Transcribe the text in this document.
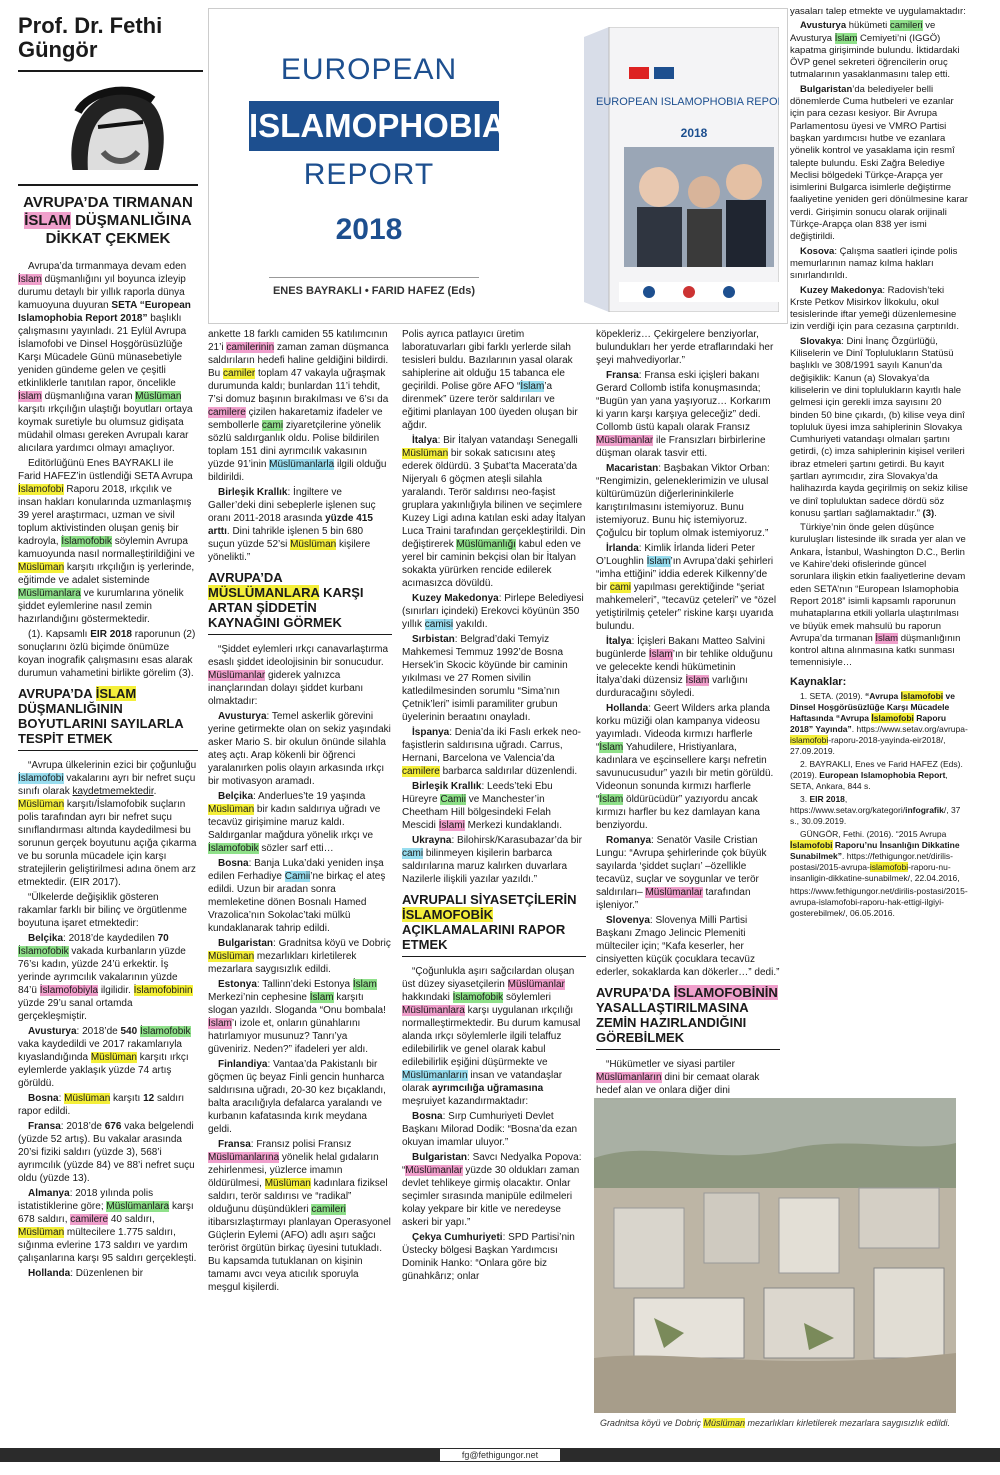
Prof. Dr. Fethi Güngör
EUROPEAN
ISLAMOPHOBIA
REPORT
2018
ENES BAYRAKLI • FARID HAFEZ (Eds)
EUROPEAN ISLAMOPHOBIA REPORT
2018
AVRUPA’DA TIRMANAN İSLAM DÜŞMANLIĞINA DİKKAT ÇEKMEK

Avrupa’da tırmanmaya devam eden İslam düşmanlığını yıl boyunca izleyip durumu detaylı bir yıllık raporla dünya kamuoyuna duyuran SETA “European Islamophobia Report 2018” başlıklı çalışmasını yayınladı. 21 Eylül Avrupa İslamofobi ve Dinsel Hoşgörüsüzlüğe Karşı Mücadele Günü münasebetiyle yeniden gündeme gelen ve çeşitli etkinliklerle tanıtılan rapor, öncelikle İslam düşmanlığına varan Müslüman karşıtı ırkçılığın ulaştığı boyutları ortaya koymak suretiyle bu olumsuz gidişata müdahil olması gereken Avrupalı karar alıcılara yardımcı olmayı amaçlıyor.

Editörlüğünü Enes BAYRAKLI ile Farid HAFEZ’in üstlendiği SETA Avrupa İslamofobi Raporu 2018, ırkçılık ve insan hakları konularında uzmanlaşmış 39 yerel araştırmacı, uzman ve sivil toplum aktivistinden oluşan geniş bir kadroyla, İslamofobik söylemin Avrupa kamuoyunda nasıl normalleştirildiğini ve Müslüman karşıtı ırkçılığın iş yerlerinde, eğitimde ve adalet sisteminde Müslümanlara ve kurumlarına yönelik şiddet eylemlerine nasıl zemin hazırlandığını göstermektedir.

(1). Kapsamlı EIR 2018 raporunun (2) sonuçlarını özlü biçimde önümüze koyan inografik çalışmasını esas alarak durumun vahametini birlikte görelim (3).

AVRUPA’DA İSLAM DÜŞMANLIĞININ BOYUTLARINI SAYILARLA TESPİT ETMEK

“Avrupa ülkelerinin ezici bir çoğunluğu İslamofobi vakalarını ayrı bir nefret suçu sınıfı olarak kaydetmemektedir. Müslüman karşıtı/İslamofobik suçların polis tarafından ayrı bir nefret suçu sınıflandırması altında kaydedilmesi bu sorunun gerçek boyutunu açığa çıkarma ve bu sorunla mücadele için karşı stratejilerin geliştirilmesi adına önem arz etmektedir. (EIR 2017).

“Ülkelerde değişiklik gösteren rakamlar farklı bir bilinç ve örgütlenme boyutuna işaret etmektedir:

Belçika: 2018’de kaydedilen 70 İslamofobik vakada kurbanların yüzde 76’sı kadın, yüzde 24’ü erkektir. İş yerinde ayrımcılık vakalarının yüzde 84’ü İslamofobiyla ilgilidir. İslamofobinin yüzde 29’u sanal ortamda gerçekleşmiştir.

Avusturya: 2018’de 540 İslamofobik vaka kaydedildi ve 2017 rakamlarıyla kıyaslandığında Müslüman karşıtı ırkçı eylemlerde yaklaşık yüzde 74 artış görüldü.

Bosna: Müslüman karşıtı 12 saldırı rapor edildi.

Fransa: 2018’de 676 vaka belgelendi (yüzde 52 artış). Bu vakalar arasında 20’si fiziki saldırı (yüzde 3), 568’i ayrımcılık (yüzde 84) ve 88’i nefret suçu oldu (yüzde 13).

Almanya: 2018 yılında polis istatistiklerine göre; Müslümanlara karşı 678 saldırı, camilere 40 saldırı, Müslüman mültecilere 1.775 saldırı, sığınma evlerine 173 saldırı ve yardım çalışanlarına karşı 95 saldırı gerçekleşti.

Hollanda: Düzenlenen bir

ankette 18 farklı camiden 55 katılımcının 21’i camilerinin zaman zaman düşmanca saldırıların hedefi haline geldiğini bildirdi. Bu camiler toplam 47 vakayla uğraşmak durumunda kaldı; bunlardan 11’i tehdit, 7’si domuz başının bırakılması ve 6’sı da camilere çizilen hakaretamiz ifadeler ve sembollerle cami ziyaretçilerine yönelik sözlü saldırganlık oldu. Polise bildirilen toplam 151 dini ayrımcılık vakasının yüzde 91’inin Müslümanlarla ilgili olduğu bildirildi.

Birleşik Krallık: İngiltere ve Galler’deki dini sebeplerle işlenen suç oranı 2011-2018 arasında yüzde 415 arttı. Dini tahrikle işlenen 5 bin 680 suçun yüzde 52’si Müslüman kişilere yönelikti.”

AVRUPA’DA MÜSLÜMANLARA KARŞI ARTAN ŞİDDETİN KAYNAĞINI GÖRMEK

“Şiddet eylemleri ırkçı canavarlaştırma esaslı şiddet ideolojisinin bir sonucudur. Müslümanlar giderek yalnızca inançlarından dolayı şiddet kurbanı olmaktadır:

Avusturya: Temel askerlik görevini yerine getirmekte olan on sekiz yaşındaki asker Mario S. bir okulun önünde silahla ateş açtı. Arap kökenli bir öğrenci yaralanırken polis olayın arkasında ırkçı bir motivasyon aramadı.

Belçika: Anderlues’te 19 yaşında Müslüman bir kadın saldırıya uğradı ve tecavüz girişimine maruz kaldı. Saldırganlar mağdura yönelik ırkçı ve İslamofobik sözler sarf etti…

Bosna: Banja Luka’daki yeniden inşa edilen Ferhadiye Camii’ne birkaç el ateş edildi. Uzun bir aradan sonra memleketine dönen Bosnalı Hamed Vrazolica’nın Sokolac’taki mülkü kundaklanarak tahrip edildi.

Bulgaristan: Gradnitsa köyü ve Dobriç Müslüman mezarlıkları kirletilerek mezarlara saygısızlık edildi.

Estonya: Tallinn’deki Estonya İslam Merkezi’nin cephesine İslam karşıtı slogan yazıldı. Sloganda “Onu bombala! İslam’ı izole et, onların günahlarını hatırlamıyor musunuz? Tanrı’ya güveniriz. Neden?” ifadeleri yer aldı.

Finlandiya: Vantaa’da Pakistanlı bir göçmen üç beyaz Finli gencin hunharca saldırısına uğradı, 20-30 kez bıçaklandı, balta aracılığıyla defalarca yaralandı ve kurbanın kafatasında kırık meydana geldi.

Fransa: Fransız polisi Fransız Müslümanlarına yönelik helal gıdaların zehirlenmesi, yüzlerce imamın öldürülmesi, Müslüman kadınlara fiziksel saldırı, terör saldırısı ve “radikal” olduğunu düşündükleri camileri itibarsızlaştırmayı planlayan Operasyonel Güçlerin Eylemi (AFO) adlı aşırı sağcı terörist örgütün birkaç üyesini tutukladı. Bu kapsamda tutuklanan on kişinin tamamı avcı veya atıcılık sporuyla meşgul kişilerdi.

Polis ayrıca patlayıcı üretim laboratuvarları gibi farklı yerlerde silah tesisleri buldu. Bazılarının yasal olarak sahiplerine ait olduğu 15 tabanca ele geçirildi. Polise göre AFO “İslam’a direnmek” üzere terör saldırıları ve eğitimi planlayan 100 üyeden oluşan bir ağdır.

İtalya: Bir İtalyan vatandaşı Senegalli Müslüman bir sokak satıcısını ateş ederek öldürdü. 3 Şubat’ta Macerata’da Nijeryalı 6 göçmen ateşli silahla yaralandı. Terör saldırısı neo-faşist gruplara yakınlığıyla bilinen ve seçimlere Kuzey Ligi adına katılan eski aday İtalyan Luca Traini tarafından gerçekleştirildi. Din değiştirerek Müslümanlığı kabul eden ve yerel bir caminin bekçisi olan bir İtalyan sokakta yürürken rencide edilerek acımasızca dövüldü.

Kuzey Makedonya: Pirlepe Belediyesi (sınırları içindeki) Erekovci köyünün 350 yıllık camisi yakıldı.

Sırbistan: Belgrad’daki Temyiz Mahkemesi Temmuz 1992’de Bosna Hersek’in Skocic köyünde bir caminin yıkılması ve 27 Romen sivilin katledilmesinden sorumlu “Sima’nın Çetnik’leri” isimli paramiliter grubun üyelerinin beraatını onayladı.

İspanya: Denia’da iki Faslı erkek neo-faşistlerin saldırısına uğradı. Carrus, Hernani, Barcelona ve Valencia’da camilere barbarca saldırılar düzenlendi.

Birleşik Krallık: Leeds’teki Ebu Hüreyre Camii ve Manchester’in Cheetham Hill bölgesindeki Felah Mescidi İslami Merkezi kundaklandı.

Ukrayna: Bilohirsk/Karasubazar’da bir cami bilinmeyen kişilerin barbarca saldırılarına maruz kalırken duvarlara Nazilerle ilişkili yazılar yazıldı.”

AVRUPALI SİYASETÇİLERİN İSLAMOFOBİK AÇIKLAMALARINI RAPOR ETMEK

“Çoğunlukla aşırı sağcılardan oluşan üst düzey siyasetçilerin Müslümanlar hakkındaki İslamofobik söylemleri Müslümanlara karşı uygulanan ırkçılığı normalleştirmektedir. Bu durum kamusal alanda ırkçı söylemlerle ilgili telaffuz edilebilirlik ve genel olarak kabul edilebilirlik eşiğini düşürmekte ve Müslümanların insan ve vatandaşlar olarak ayrımcılığa uğramasına meşruiyet kazandırmaktadır:

Bosna: Sırp Cumhuriyeti Devlet Başkanı Milorad Dodik: “Bosna’da ezan okuyan imamlar uluyor.”

Bulgaristan: Savcı Nedyalka Popova: “Müslümanlar yüzde 30 oldukları zaman devlet tehlikeye girmiş olacaktır. Onlar seçimler sırasında manipüle edilmeleri kolay yekpare bir kitle ve neredeyse askeri bir yapı.”

Çekya Cumhuriyeti: SPD Partisi’nin Üstecky bölgesi Başkan Yardımcısı Dominik Hanko: “Onlara göre biz günahkârız; onlar

köpekleriz… Çekirgelere benziyorlar, bulundukları her yerde etraflarındaki her şeyi mahvediyorlar.”

Fransa: Fransa eski içişleri bakanı Gerard Collomb istifa konuşmasında; “Bugün yan yana yaşıyoruz… Korkarım ki yarın karşı karşıya geleceğiz” dedi. Collomb üstü kapalı olarak Fransız Müslümanlar ile Fransızları birbirlerine düşman olarak tasvir etti.

Macaristan: Başbakan Viktor Orban: “Rengimizin, geleneklerimizin ve ulusal kültürümüzün diğerlerininkilerle karıştırılmasını istemiyoruz. Bunu istemiyoruz. Bunu hiç istemiyoruz. Çoğulcu bir toplum olmak istemiyoruz.”

İrlanda: Kimlik İrlanda lideri Peter O’Loughlin İslam’ın Avrupa’daki şehirleri “imha ettiğini” iddia ederek Kilkenny’de bir cami yapılması gerektiğinde “şeriat mahkemeleri”, “tecavüz çeteleri” ve “özel yetiştirilmiş çeteler” riskine karşı uyarıda bulundu.

İtalya: İçişleri Bakanı Matteo Salvini bugünlerde İslam’ın bir tehlike olduğunu ve gelecekte kendi hükümetinin İtalya’daki düzensiz İslam varlığını durduracağını söyledi.

Hollanda: Geert Wilders arka planda korku müziği olan kampanya videosu yayımladı. Videoda kırmızı harflerle “İslam Yahudilere, Hristiyanlara, kadınlara ve eşcinsellere karşı nefretin savunucusudur” yazılı bir metin görüldü. Videonun sonunda kırmızı harflerle “İslam öldürücüdür” yazıyordu ancak kırmızı harfler bu kez damlayan kana benziyordu.

Romanya: Senatör Vasile Cristian Lungu: “Avrupa şehirlerinde çok büyük sayılarda ‘şiddet suçları’ –özellikle tecavüz, suçlar ve soygunlar ve terör saldırıları– Müslümanlar tarafından işleniyor.”

Slovenya: Slovenya Milli Partisi Başkanı Zmago Jelincic Plemeniti mülteciler için; “Kafa keserler, her cinsiyetten küçük çocuklara tecavüz ederler, sokaklarda kan dökerler…” dedi.”

AVRUPA’DA İSLAMOFOBİNİN YASALLAŞTIRILMASINA ZEMİN HAZIRLANDIĞINI GÖREBİLMEK

“Hükümetler ve siyasi partiler Müslümanların dini bir cemaat olarak hedef alan ve onlara diğer dini

yasaları talep etmekte ve uygulamaktadır:

Avusturya hükümeti camileri ve Avusturya İslam Cemiyeti’ni (IGGÖ) kapatma girişiminde bulundu. İktidardaki ÖVP genel sekreteri öğrencilerin oruç tutmalarının yasaklanmasını talep etti.

Bulgaristan’da belediyeler belli dönemlerde Cuma hutbeleri ve ezanlar için para cezası kesiyor. Bir Avrupa Parlamentosu üyesi ve VMRO Partisi başkan yardımcısı hutbe ve ezanlara yönelik kontrol ve yasaklama için resmî talepte bulundu. Eski Zağra Belediye Meclisi bölgedeki Türkçe-Arapça yer isimlerini Bulgarca isimlerle değiştirme faaliyetine yeniden geri dönülmesine karar verdi. Girişimin sonucu olarak orijinali Türkçe-Arapça olan 838 yer ismi değiştirildi.

Kosova: Çalışma saatleri içinde polis memurlarının namaz kılma hakları sınırlandırıldı.

Kuzey Makedonya: Radovish’teki Krste Petkov Misirkov İlkokulu, okul tesislerinde iftar yemeği düzenlemesine izin verdiği için para cezasına çarptırıldı.

Slovakya: Dini İnanç Özgürlüğü, Kiliselerin ve Dinî Toplulukların Statüsü başlıklı ve 308/1991 sayılı Kanun’da değişiklik: Kanun (a) Slovakya’da kiliselerin ve dini toplulukların kayıtlı hale gelmesi için gerekli imza sayısını 20 binden 50 bine çıkardı, (b) kilise veya dinî topluluk üyesi imza sahiplerinin Slovakya Cumhuriyeti vatandaşı olmaları şartını getirdi, (c) imza sahiplerinin kişisel verileri ibraz etmeleri şartını getirdi. Bu kayıt şartları ayrımcıdır, zira Slovakya’da halihazırda kayda geçirilmiş on sekiz kilise ve dinî topluluktan sadece dördü söz konusu şartları sağlamaktadır.” (3).

Türkiye’nin önde gelen düşünce kuruluşları listesinde ilk sırada yer alan ve Ankara, İstanbul, Washington D.C., Berlin ve Kahire’deki ofislerinde güncel sorunlara ilişkin etkin faaliyetlerine devam eden SETA’nın “European Islamophobia Report 2018” isimli kapsamlı raporunun muhataplarına etkili yollarla ulaştırılması ve büyük emek mahsulü bu raporun Avrupa’da tırmanan İslam düşmanlığının kontrol altına alınmasına katkı sunması temennisiyle…

Kaynaklar:

1. SETA. (2019). “Avrupa İslamofobi ve Dinsel Hoşgörüsüzlüğe Karşı Mücadele Haftasında “Avrupa İslamofobi Raporu 2018” Yayında”. https://www.setav.org/avrupa-islamofobi-raporu-2018-yayinda-eir2018/, 27.09.2019.

2. BAYRAKLI, Enes ve Farid HAFEZ (Eds). (2019). European Islamophobia Report, SETA, Ankara, 844 s.

3. EIR 2018, https://www.setav.org/kategori/infografik/, 37 s., 30.09.2019.

GÜNGÖR, Fethi. (2016). “2015 Avrupa İslamofobi Raporu’nu İnsanlığın Dikkatine Sunabilmek”. https://fethigungor.net/dirilis-postasi/2015-avrupa-islamofobi-raporu-nu-insanligin-dikkatine-sunabilmek/, 22.04.2016,

https://www.fethigungor.net/dirilis-postasi/2015-avrupa-islamofobi-raporu-hak-ettigi-ilgiyi-gosterebilmek/, 06.05.2016.

Gradnitsa köyü ve Dobriç Müslüman mezarlıkları kirletilerek mezarlara saygısızlık edildi.
fg@fethigungor.net
